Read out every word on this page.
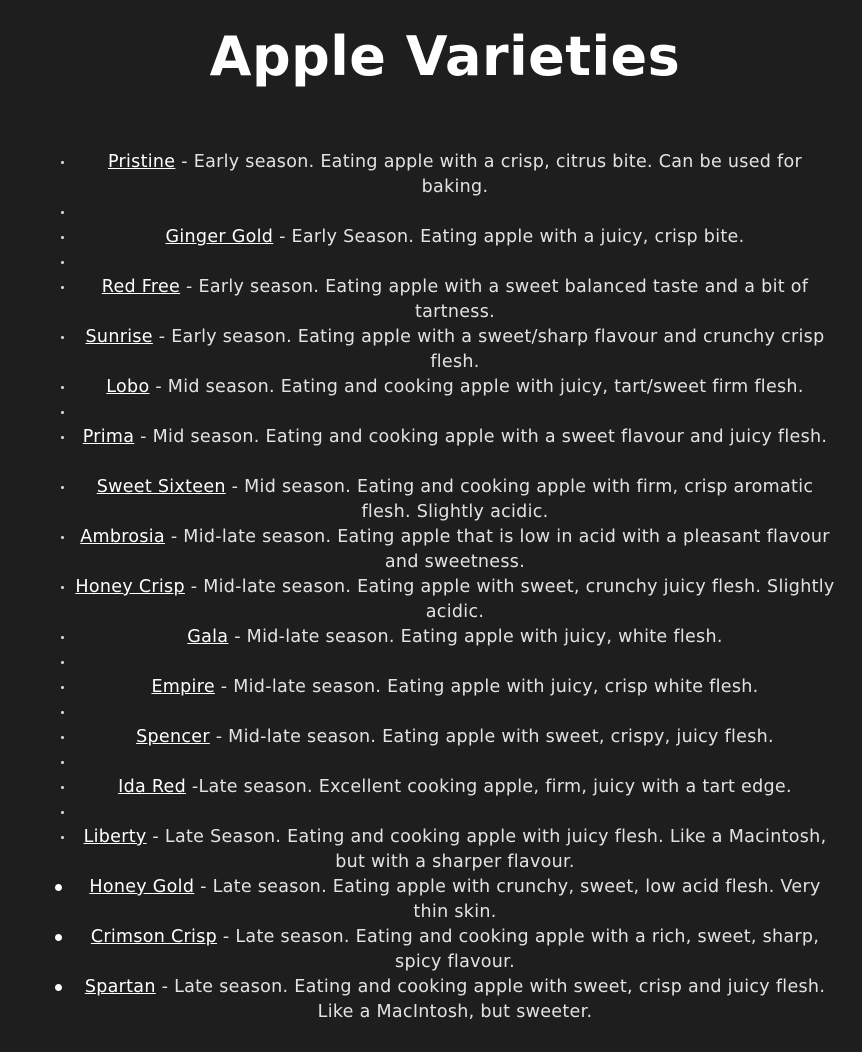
Apple Varieties
Pristine - Early season. Eating apple with a crisp, citrus bite. Can be used for baking.
Ginger Gold - Early Season. Eating apple with a juicy, crisp bite.
Red Free - Early season. Eating apple with a sweet balanced taste and a bit of tartness.
Sunrise - Early season. Eating apple with a sweet/sharp flavour and crunchy crisp flesh.
Lobo - Mid season. Eating and cooking apple with juicy, tart/sweet firm flesh.
Prima - Mid season. Eating and cooking apple with a sweet flavour and juicy flesh.
Sweet Sixteen - Mid season. Eating and cooking apple with firm, crisp aromatic flesh. Slightly acidic.
Ambrosia - Mid-late season. Eating apple that is low in acid with a pleasant flavour and sweetness.
Honey Crisp - Mid-late season. Eating apple with sweet, crunchy juicy flesh. Slightly acidic.
Gala - Mid-late season. Eating apple with juicy, white flesh.
Empire - Mid-late season. Eating apple with juicy, crisp white flesh.
Spencer - Mid-late season. Eating apple with sweet, crispy, juicy flesh.
Ida Red -Late season. Excellent cooking apple, firm, juicy with a tart edge.
Liberty - Late Season. Eating and cooking apple with juicy flesh. Like a Macintosh, but with a sharper flavour.
Honey Gold - Late season. Eating apple with crunchy, sweet, low acid flesh. Very thin skin.
Crimson Crisp - Late season. Eating and cooking apple with a rich, sweet, sharp, spicy flavour.
Spartan - Late season. Eating and cooking apple with sweet, crisp and juicy flesh. Like a MacIntosh, but sweeter.
